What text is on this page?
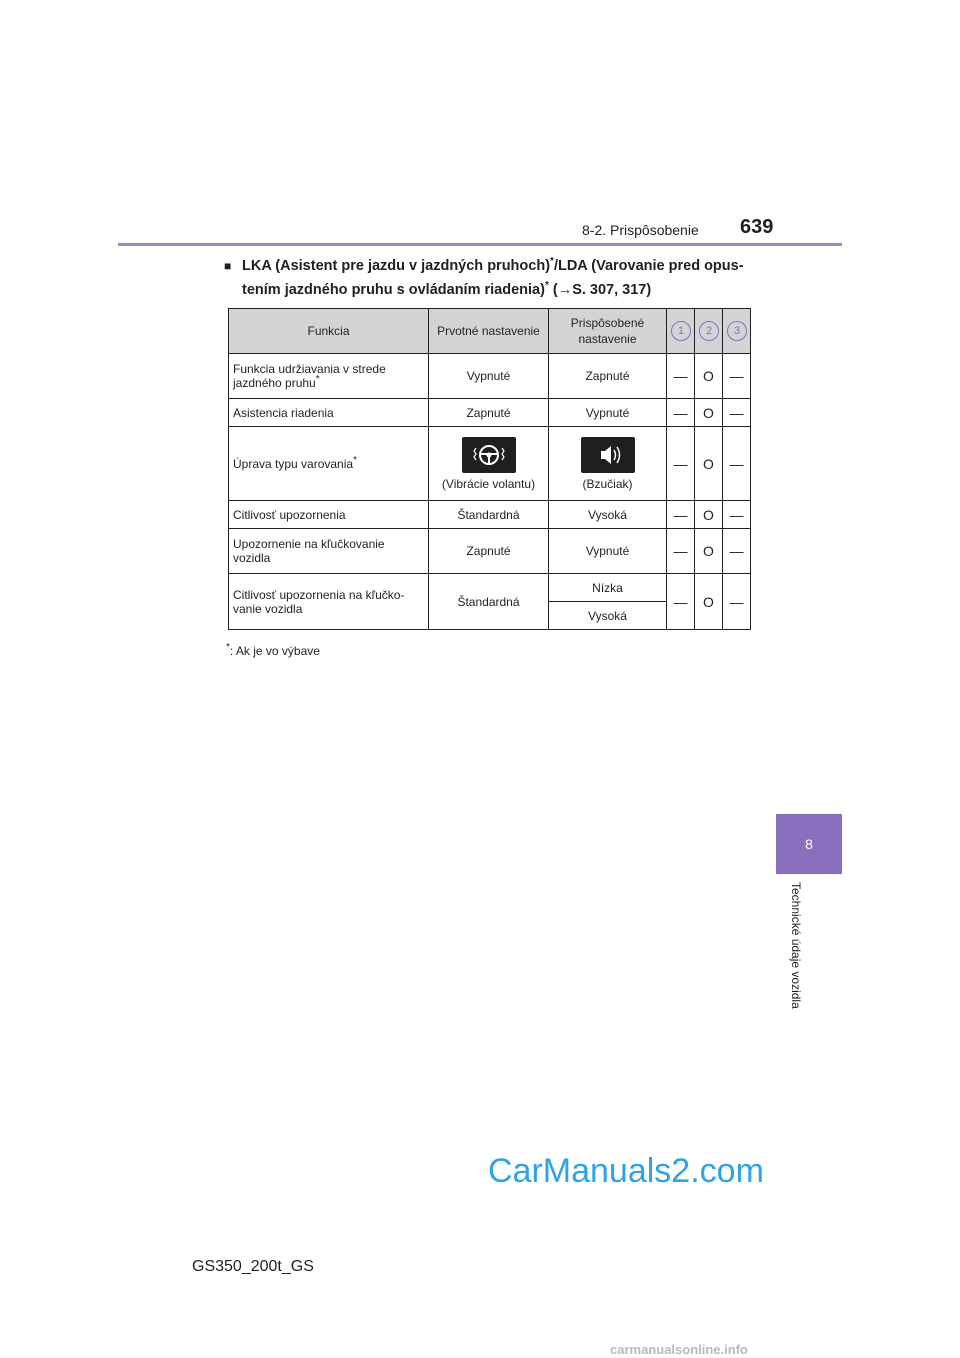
8-2. Prispôsobenie 639
8
Technické údaje vozidla
■ LKA (Asistent pre jazdu v jazdných pruhoch)*/LDA (Varovanie pred opus-
tením jazdného pruhu s ovládaním riadenia)* (→S. 307, 317)
Funkcia	Prvotné nastavenie	Prispôsobené nastavenie	1	2	3
Funkcia udržiavania v strede jazdného pruhu*	Vypnuté	Zapnuté	—	O	—
Asistencia riadenia	Zapnuté	Vypnuté	—	O	—
Úprava typu varovania*	(Vibrácie volantu)	(Bzučiak)	—	O	—
Citlivosť upozornenia	Štandardná	Vysoká	—	O	—
Upozornenie na kľučkovanie vozidla	Zapnuté	Vypnuté	—	O	—
Citlivosť upozornenia na kľučko-vanie vozidla	Štandardná	Nízka	—	O	—
		Vysoká			
*: Ak je vo výbave
CarManuals2.com
GS350_200t_GS
carmanualsonline.info
